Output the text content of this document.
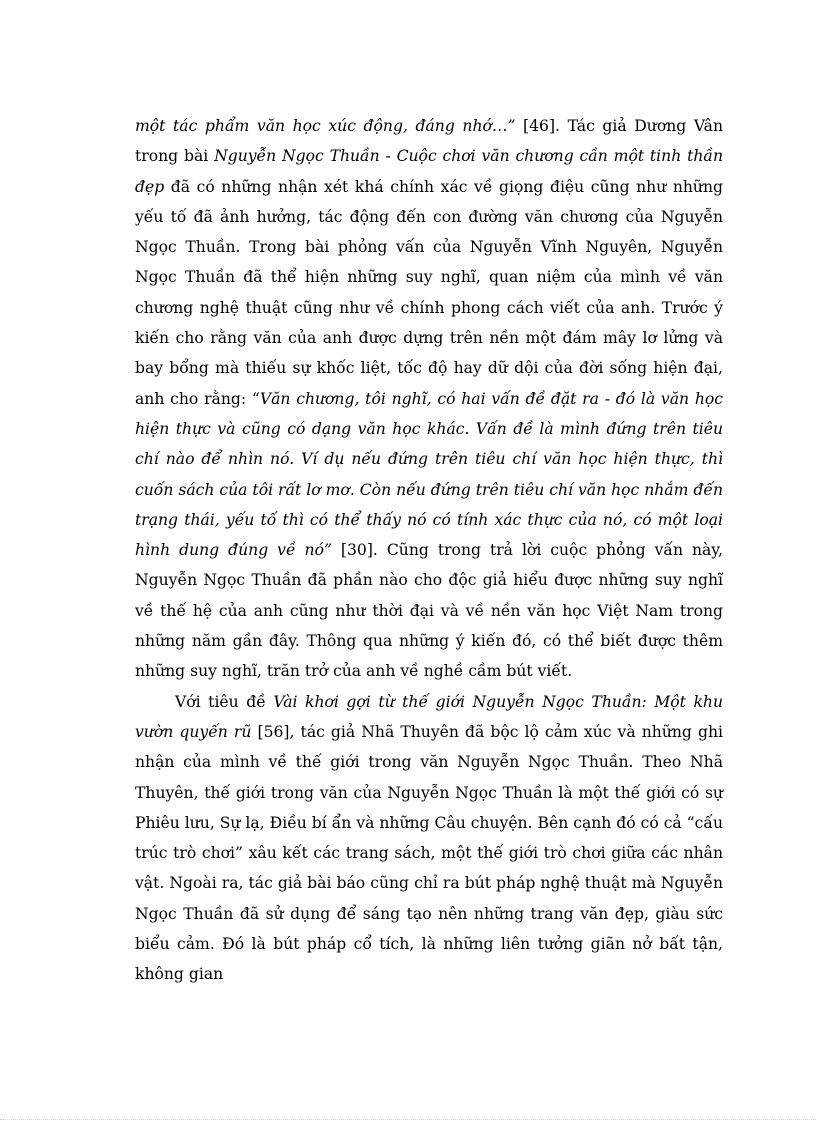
một tác phẩm văn học xúc động, đáng nhớ…” [46]. Tác giả Dương Vân trong bài Nguyễn Ngọc Thuần - Cuộc chơi văn chương cần một tinh thần đẹp đã có những nhận xét khá chính xác về giọng điệu cũng như những yếu tố đã ảnh hưởng, tác động đến con đường văn chương của Nguyễn Ngọc Thuần. Trong bài phỏng vấn của Nguyễn Vĩnh Nguyên, Nguyễn Ngọc Thuần đã thể hiện những suy nghĩ, quan niệm của mình về văn chương nghệ thuật cũng như về chính phong cách viết của anh. Trước ý kiến cho rằng văn của anh được dựng trên nền một đám mây lơ lửng và bay bổng mà thiếu sự khốc liệt, tốc độ hay dữ dội của đời sống hiện đại, anh cho rằng: “Văn chương, tôi nghĩ, có hai vấn đề đặt ra - đó là văn học hiện thực và cũng có dạng văn học khác. Vấn đề là mình đứng trên tiêu chí nào để nhìn nó. Ví dụ nếu đứng trên tiêu chí văn học hiện thực, thì cuốn sách của tôi rất lơ mơ. Còn nếu đứng trên tiêu chí văn học nhắm đến trạng thái, yếu tố thì có thể thấy nó có tính xác thực của nó, có một loại hình dung đúng về nó” [30]. Cũng trong trả lời cuộc phỏng vấn này, Nguyễn Ngọc Thuần đã phần nào cho độc giả hiểu được những suy nghĩ về thế hệ của anh cũng như thời đại và về nền văn học Việt Nam trong những năm gần đây. Thông qua những ý kiến đó, có thể biết được thêm những suy nghĩ, trăn trở của anh về nghề cầm bút viết.

Với tiêu đề Vài khơi gợi từ thế giới Nguyễn Ngọc Thuần: Một khu vườn quyến rũ [56], tác giả Nhã Thuyên đã bộc lộ cảm xúc và những ghi nhận của mình về thế giới trong văn Nguyễn Ngọc Thuần. Theo Nhã Thuyên, thế giới trong văn của Nguyễn Ngọc Thuần là một thế giới có sự Phiêu lưu, Sự lạ, Điều bí ẩn và những Câu chuyện. Bên cạnh đó có cả “cấu trúc trò chơi” xâu kết các trang sách, một thế giới trò chơi giữa các nhân vật. Ngoài ra, tác giả bài báo cũng chỉ ra bút pháp nghệ thuật mà Nguyễn Ngọc Thuần đã sử dụng để sáng tạo nên những trang văn đẹp, giàu sức biểu cảm. Đó là bút pháp cổ tích, là những liên tưởng giãn nở bất tận, không gian
